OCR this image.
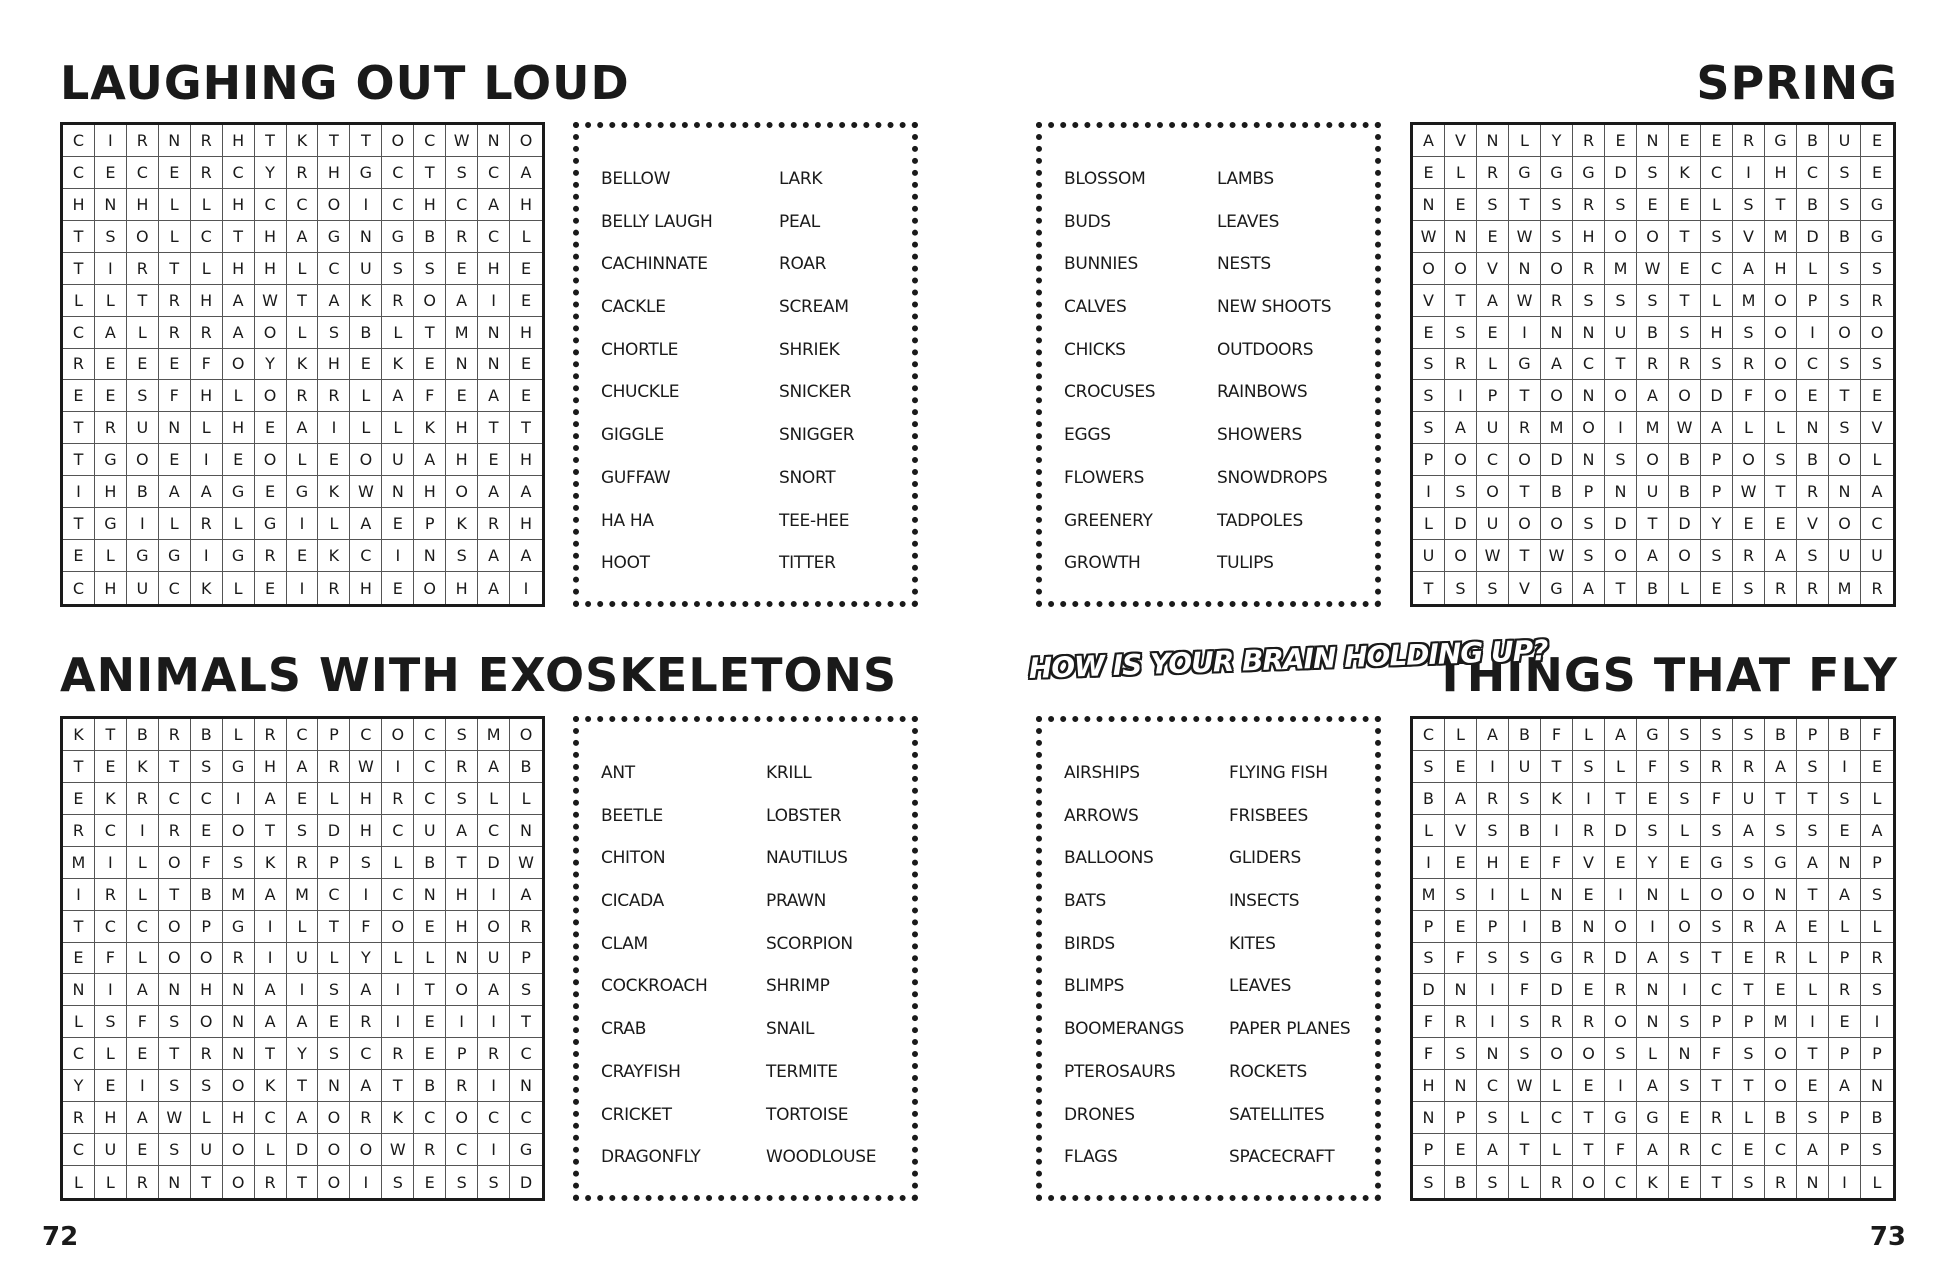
LAUGHING OUT LOUD	SPRING
ANIMALS WITH EXOSKELETONS	THINGS THAT FLY
HOW IS YOUR BRAIN HOLDING UP?
C	I	R	N	R	H	T	K	T	T	O	C	W	N	O
C	E	C	E	R	C	Y	R	H	G	C	T	S	C	A
H	N	H	L	L	H	C	C	O	I	C	H	C	A	H
T	S	O	L	C	T	H	A	G	N	G	B	R	C	L
T	I	R	T	L	H	H	L	C	U	S	S	E	H	E
L	L	T	R	H	A	W	T	A	K	R	O	A	I	E
C	A	L	R	R	A	O	L	S	B	L	T	M	N	H
R	E	E	E	F	O	Y	K	H	E	K	E	N	N	E
E	E	S	F	H	L	O	R	R	L	A	F	E	A	E
T	R	U	N	L	H	E	A	I	L	L	K	H	T	T
T	G	O	E	I	E	O	L	E	O	U	A	H	E	H
I	H	B	A	A	G	E	G	K	W	N	H	O	A	A
T	G	I	L	R	L	G	I	L	A	E	P	K	R	H
E	L	G	G	I	G	R	E	K	C	I	N	S	A	A
C	H	U	C	K	L	E	I	R	H	E	O	H	A	I
A	V	N	L	Y	R	E	N	E	E	R	G	B	U	E
E	L	R	G	G	G	D	S	K	C	I	H	C	S	E
N	E	S	T	S	R	S	E	E	L	S	T	B	S	G
W	N	E	W	S	H	O	O	T	S	V	M	D	B	G
O	O	V	N	O	R	M	W	E	C	A	H	L	S	S
V	T	A	W	R	S	S	S	T	L	M	O	P	S	R
E	S	E	I	N	N	U	B	S	H	S	O	I	O	O
S	R	L	G	A	C	T	R	R	S	R	O	C	S	S
S	I	P	T	O	N	O	A	O	D	F	O	E	T	E
S	A	U	R	M	O	I	M	W	A	L	L	N	S	V
P	O	C	O	D	N	S	O	B	P	O	S	B	O	L
I	S	O	T	B	P	N	U	B	P	W	T	R	N	A
L	D	U	O	O	S	D	T	D	Y	E	E	V	O	C
U	O	W	T	W	S	O	A	O	S	R	A	S	U	U
T	S	S	V	G	A	T	B	L	E	S	R	R	M	R
K	T	B	R	B	L	R	C	P	C	O	C	S	M	O
T	E	K	T	S	G	H	A	R	W	I	C	R	A	B
E	K	R	C	C	I	A	E	L	H	R	C	S	L	L
R	C	I	R	E	O	T	S	D	H	C	U	A	C	N
M	I	L	O	F	S	K	R	P	S	L	B	T	D	W
I	R	L	T	B	M	A	M	C	I	C	N	H	I	A
T	C	C	O	P	G	I	L	T	F	O	E	H	O	R
E	F	L	O	O	R	I	U	L	Y	L	L	N	U	P
N	I	A	N	H	N	A	I	S	A	I	T	O	A	S
L	S	F	S	O	N	A	A	E	R	I	E	I	I	T
C	L	E	T	R	N	T	Y	S	C	R	E	P	R	C
Y	E	I	S	S	O	K	T	N	A	T	B	R	I	N
R	H	A	W	L	H	C	A	O	R	K	C	O	C	C
C	U	E	S	U	O	L	D	O	O	W	R	C	I	G
L	L	R	N	T	O	R	T	O	I	S	E	S	S	D
C	L	A	B	F	L	A	G	S	S	S	B	P	B	F
S	E	I	U	T	S	L	F	S	R	R	A	S	I	E
B	A	R	S	K	I	T	E	S	F	U	T	T	S	L
L	V	S	B	I	R	D	S	L	S	A	S	S	E	A
I	E	H	E	F	V	E	Y	E	G	S	G	A	N	P
M	S	I	L	N	E	I	N	L	O	O	N	T	A	S
P	E	P	I	B	N	O	I	O	S	R	A	E	L	L
S	F	S	S	G	R	D	A	S	T	E	R	L	P	R
D	N	I	F	D	E	R	N	I	C	T	E	L	R	S
F	R	I	S	R	R	O	N	S	P	P	M	I	E	I
F	S	N	S	O	O	S	L	N	F	S	O	T	P	P
H	N	C	W	L	E	I	A	S	T	T	O	E	A	N
N	P	S	L	C	T	G	G	E	R	L	B	S	P	B
P	E	A	T	L	T	F	A	R	C	E	C	A	P	S
S	B	S	L	R	O	C	K	E	T	S	R	N	I	L
BELLOW
BELLY LAUGH
CACHINNATE
CACKLE
CHORTLE
CHUCKLE
GIGGLE
GUFFAW
HA HA
HOOT
LARK
PEAL
ROAR
SCREAM
SHRIEK
SNICKER
SNIGGER
SNORT
TEE-HEE
TITTER
BLOSSOM
BUDS
BUNNIES
CALVES
CHICKS
CROCUSES
EGGS
FLOWERS
GREENERY
GROWTH
LAMBS
LEAVES
NESTS
NEW SHOOTS
OUTDOORS
RAINBOWS
SHOWERS
SNOWDROPS
TADPOLES
TULIPS
ANT
BEETLE
CHITON
CICADA
CLAM
COCKROACH
CRAB
CRAYFISH
CRICKET
DRAGONFLY
KRILL
LOBSTER
NAUTILUS
PRAWN
SCORPION
SHRIMP
SNAIL
TERMITE
TORTOISE
WOODLOUSE
AIRSHIPS
ARROWS
BALLOONS
BATS
BIRDS
BLIMPS
BOOMERANGS
PTEROSAURS
DRONES
FLAGS
FLYING FISH
FRISBEES
GLIDERS
INSECTS
KITES
LEAVES
PAPER PLANES
ROCKETS
SATELLITES
SPACECRAFT
72	73
